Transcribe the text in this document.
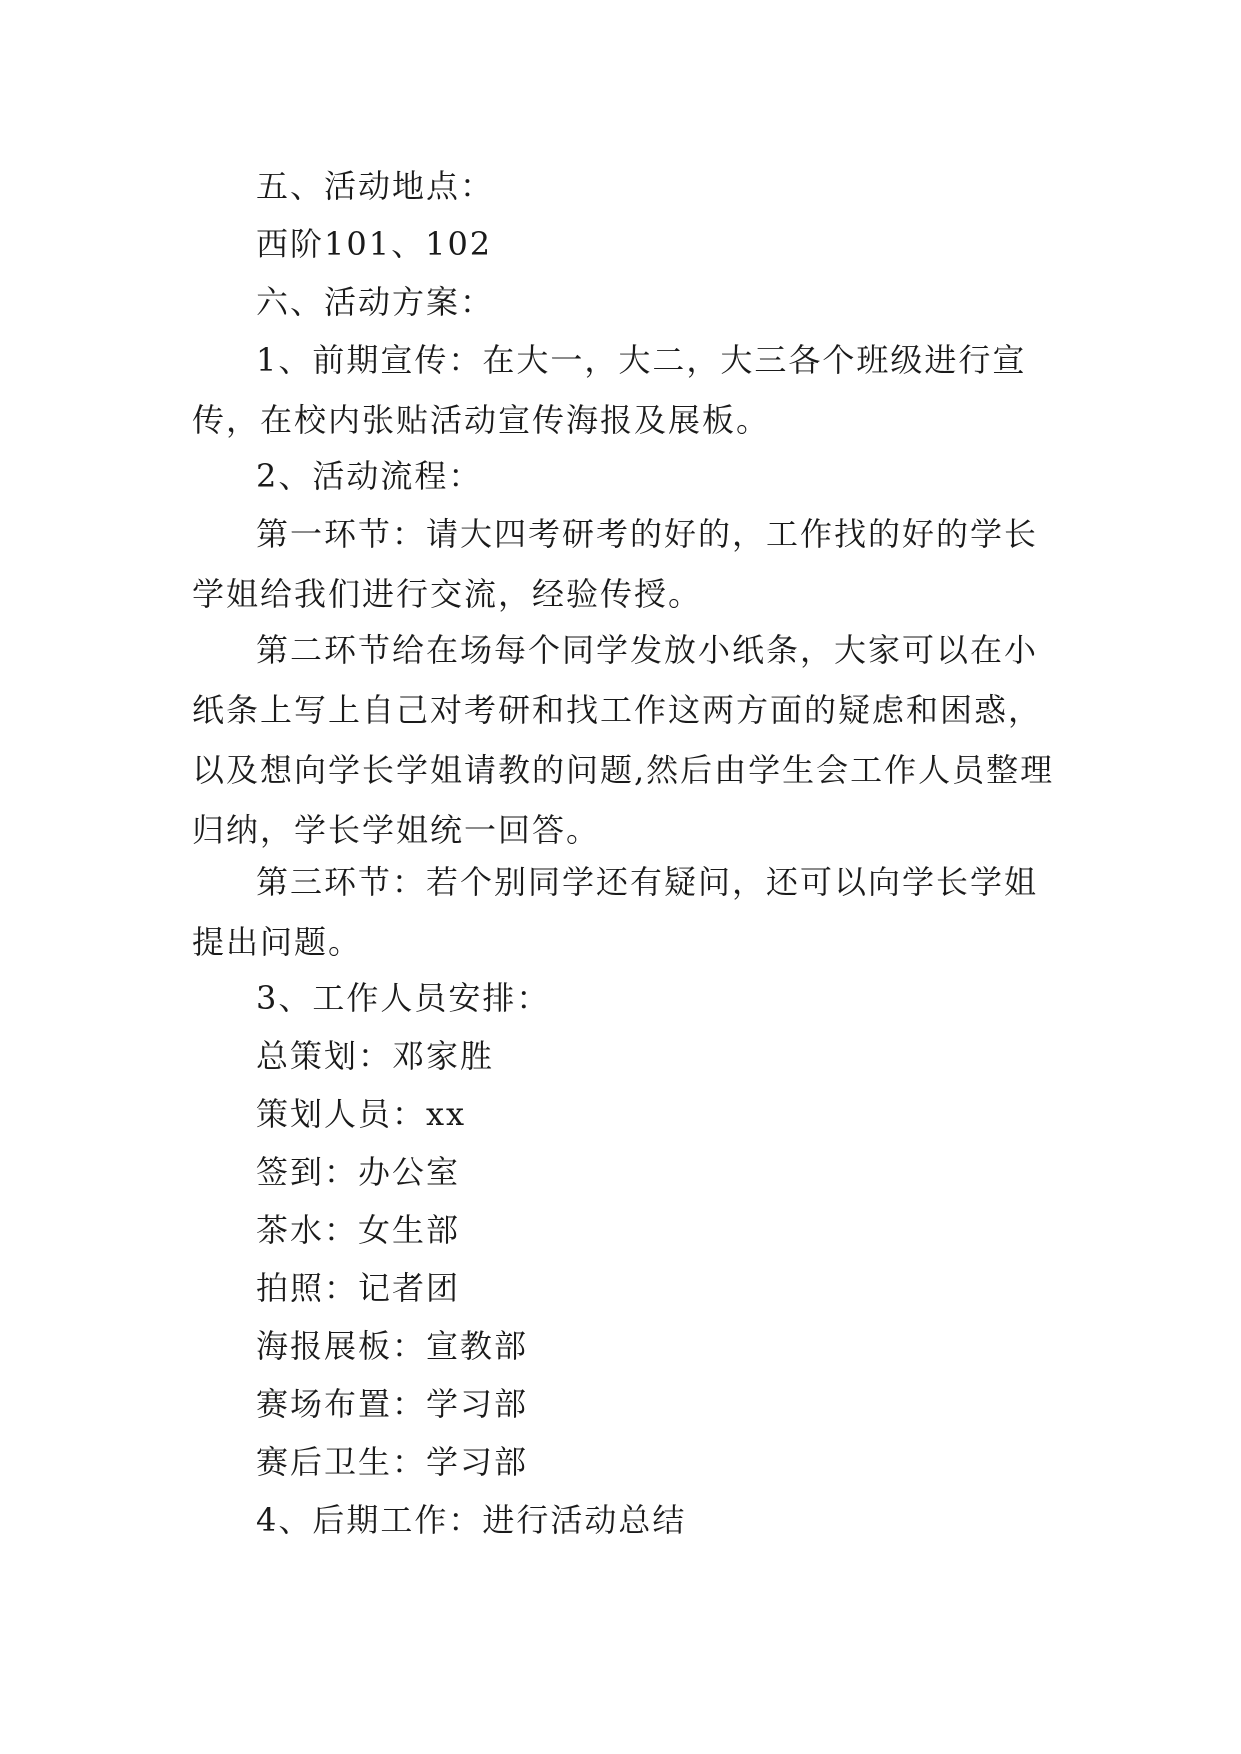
五、活动地点：

西阶101、102

六、活动方案：

1、前期宣传：在大一，大二，大三各个班级进行宣传，在校内张贴活动宣传海报及展板。

2、活动流程：

第一环节：请大四考研考的好的，工作找的好的学长学姐给我们进行交流，经验传授。

第二环节给在场每个同学发放小纸条，大家可以在小纸条上写上自己对考研和找工作这两方面的疑虑和困惑，以及想向学长学姐请教的问题,然后由学生会工作人员整理归纳，学长学姐统一回答。

第三环节：若个别同学还有疑问，还可以向学长学姐提出问题。

3、工作人员安排：

总策划：邓家胜

策划人员：xx

签到：办公室

茶水：女生部

拍照：记者团

海报展板：宣教部

赛场布置：学习部

赛后卫生：学习部

4、后期工作：进行活动总结
